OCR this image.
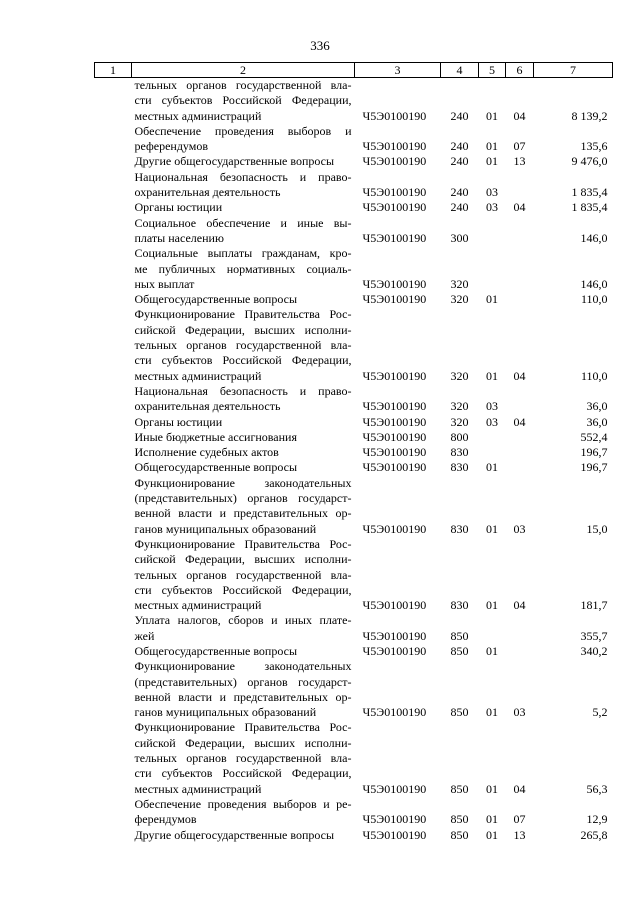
336
1	2	3	4	5	6	7

	тельных органов государственной вла-
сти субъектов Российской Федерации,
местных администраций	Ч5Э0100190	240	01	04	8 139,2

	Обеспечение проведения выборов и
референдумов	Ч5Э0100190	240	01	07	135,6

	Другие общегосударственные вопросы	Ч5Э0100190	240	01	13	9 476,0

	Национальная безопасность и право-
охранительная деятельность	Ч5Э0100190	240	03		1 835,4

	Органы юстиции	Ч5Э0100190	240	03	04	1 835,4

	Социальное обеспечение и иные вы-
платы населению	Ч5Э0100190	300			146,0

	Социальные выплаты гражданам, кро-
ме публичных нормативных социаль-
ных выплат	Ч5Э0100190	320			146,0

	Общегосударственные вопросы	Ч5Э0100190	320	01		110,0

	Функционирование Правительства Рос-
сийской Федерации, высших исполни-
тельных органов государственной вла-
сти субъектов Российской Федерации,
местных администраций	Ч5Э0100190	320	01	04	110,0

	Национальная безопасность и право-
охранительная деятельность	Ч5Э0100190	320	03		36,0

	Органы юстиции	Ч5Э0100190	320	03	04	36,0

	Иные бюджетные ассигнования	Ч5Э0100190	800			552,4

	Исполнение судебных актов	Ч5Э0100190	830			196,7

	Общегосударственные вопросы	Ч5Э0100190	830	01		196,7

	Функционирование законодательных
(представительных) органов государст-
венной власти и представительных ор-
ганов муниципальных образований	Ч5Э0100190	830	01	03	15,0

	Функционирование Правительства Рос-
сийской Федерации, высших исполни-
тельных органов государственной вла-
сти субъектов Российской Федерации,
местных администраций	Ч5Э0100190	830	01	04	181,7

	Уплата налогов, сборов и иных плате-
жей	Ч5Э0100190	850			355,7

	Общегосударственные вопросы	Ч5Э0100190	850	01		340,2

	Функционирование законодательных
(представительных) органов государст-
венной власти и представительных ор-
ганов муниципальных образований	Ч5Э0100190	850	01	03	5,2

	Функционирование Правительства Рос-
сийской Федерации, высших исполни-
тельных органов государственной вла-
сти субъектов Российской Федерации,
местных администраций	Ч5Э0100190	850	01	04	56,3

	Обеспечение проведения выборов и ре-
ферендумов	Ч5Э0100190	850	01	07	12,9

	Другие общегосударственные вопросы	Ч5Э0100190	850	01	13	265,8
